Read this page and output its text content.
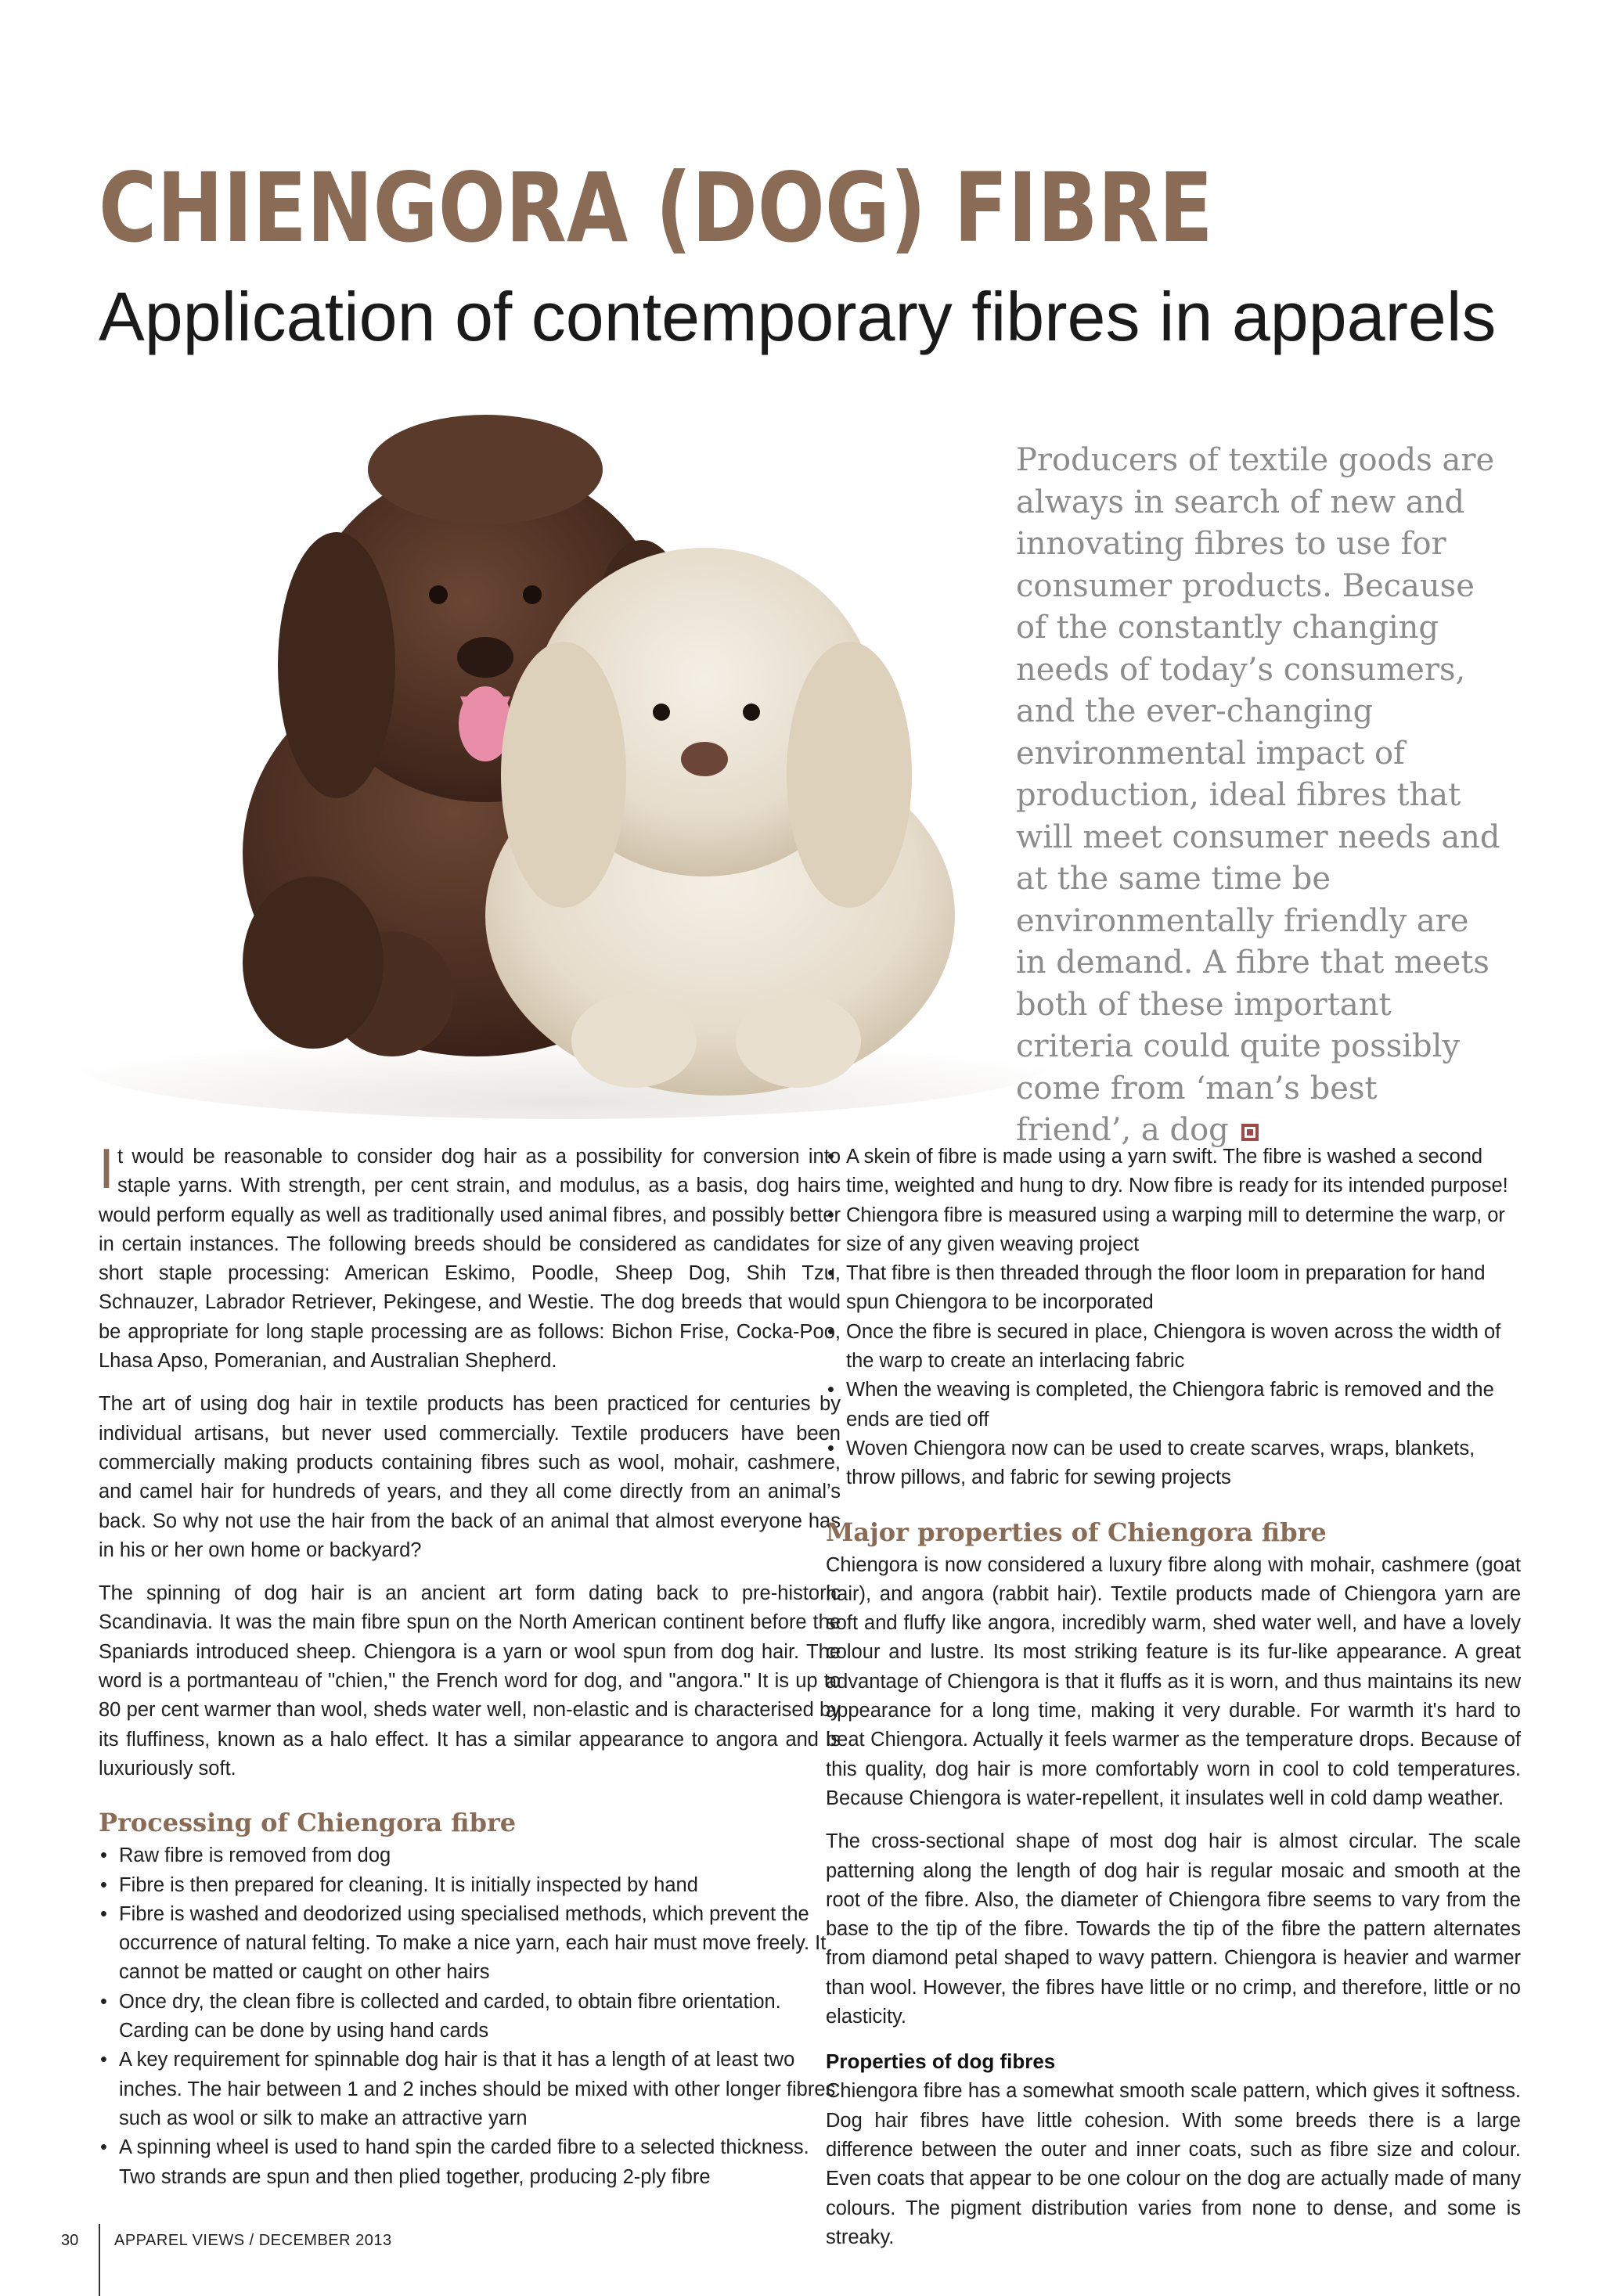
CHIENGORA (DOG) FIBRE
Application of contemporary fibres in apparels
Producers of textile goods are always in search of new and innovating fibres to use for consumer products. Because of the constantly changing needs of today’s consumers, and the ever-changing environmental impact of production, ideal fibres that will meet consumer needs and at the same time be environmentally friendly are in demand. A fibre that meets both of these important criteria could quite possibly come from ‘man’s best friend’, a dog

It would be reasonable to consider dog hair as a possibility for conversion into staple yarns. With strength, per cent strain, and modulus, as a basis, dog hairs would perform equally as well as traditionally used animal fibres, and possibly better in certain instances. The following breeds should be considered as candidates for short staple processing: American Eskimo, Poodle, Sheep Dog, Shih Tzu, Schnauzer, Labrador Retriever, Pekingese, and Westie. The dog breeds that would be appropriate for long staple processing are as follows: Bichon Frise, Cocka-Poo, Lhasa Apso, Pomeranian, and Australian Shepherd.

The art of using dog hair in textile products has been practiced for centuries by individual artisans, but never used commercially. Textile producers have been commercially making products containing fibres such as wool, mohair, cashmere, and camel hair for hundreds of years, and they all come directly from an animal’s back. So why not use the hair from the back of an animal that almost everyone has in his or her own home or backyard?

The spinning of dog hair is an ancient art form dating back to pre-historic Scandinavia. It was the main fibre spun on the North American continent before the Spaniards introduced sheep. Chiengora is a yarn or wool spun from dog hair. The word is a portmanteau of "chien," the French word for dog, and "angora." It is up to 80 per cent warmer than wool, sheds water well, non-elastic and is characterised by its fluffiness, known as a halo effect. It has a similar appearance to angora and is luxuriously soft.

Processing of Chiengora fibre
• Raw fibre is removed from dog
• Fibre is then prepared for cleaning. It is initially inspected by hand
• Fibre is washed and deodorized using specialised methods, which prevent the occurrence of natural felting. To make a nice yarn, each hair must move freely. It cannot be matted or caught on other hairs
• Once dry, the clean fibre is collected and carded, to obtain fibre orientation. Carding can be done by using hand cards
• A key requirement for spinnable dog hair is that it has a length of at least two inches. The hair between 1 and 2 inches should be mixed with other longer fibres such as wool or silk to make an attractive yarn
• A spinning wheel is used to hand spin the carded fibre to a selected thickness. Two strands are spun and then plied together, producing 2-ply fibre
• A skein of fibre is made using a yarn swift. The fibre is washed a second time, weighted and hung to dry. Now fibre is ready for its intended purpose!
• Chiengora fibre is measured using a warping mill to determine the warp, or size of any given weaving project
• That fibre is then threaded through the floor loom in preparation for hand spun Chiengora to be incorporated
• Once the fibre is secured in place, Chiengora is woven across the width of the warp to create an interlacing fabric
• When the weaving is completed, the Chiengora fabric is removed and the ends are tied off
• Woven Chiengora now can be used to create scarves, wraps, blankets, throw pillows, and fabric for sewing projects
Major properties of Chiengora fibre

Chiengora is now considered a luxury fibre along with mohair, cashmere (goat hair), and angora (rabbit hair). Textile products made of Chiengora yarn are soft and fluffy like angora, incredibly warm, shed water well, and have a lovely colour and lustre. Its most striking feature is its fur-like appearance. A great advantage of Chiengora is that it fluffs as it is worn, and thus maintains its new appearance for a long time, making it very durable. For warmth it's hard to beat Chiengora. Actually it feels warmer as the temperature drops. Because of this quality, dog hair is more comfortably worn in cool to cold temperatures. Because Chiengora is water-repellent, it insulates well in cold damp weather.

The cross-sectional shape of most dog hair is almost circular. The scale patterning along the length of dog hair is regular mosaic and smooth at the root of the fibre. Also, the diameter of Chiengora fibre seems to vary from the base to the tip of the fibre. Towards the tip of the fibre the pattern alternates from diamond petal shaped to wavy pattern. Chiengora is heavier and warmer than wool. However, the fibres have little or no crimp, and therefore, little or no elasticity.

Properties of dog fibres

Chiengora fibre has a somewhat smooth scale pattern, which gives it softness. Dog hair fibres have little cohesion. With some breeds there is a large difference between the outer and inner coats, such as fibre size and colour. Even coats that appear to be one colour on the dog are actually made of many colours. The pigment distribution varies from none to dense, and some is streaky.

30 APPAREL VIEWS / DECEMBER 2013
